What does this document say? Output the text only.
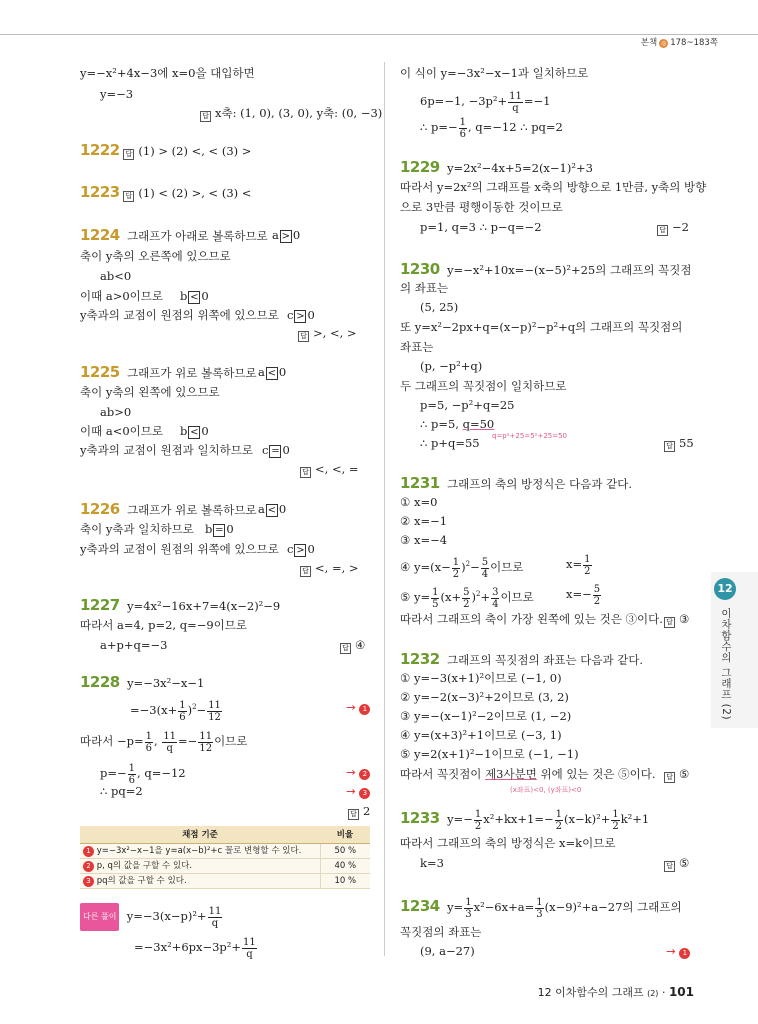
본책 ◎ 178~183쪽
y=−x²+4x−3에 x=0을 대입하면
y=−3
답 x축: (1, 0), (3, 0), y축: (0, −3)
1222 답 (1) > (2) <, < (3) >
1223 답 (1) < (2) >, < (3) <
1224 그래프가 아래로 볼록하므로 a > 0
축이 y축의 오른쪽에 있으므로
ab<0
이때 a>0이므로 b < 0
y축과의 교점이 원점의 위쪽에 있으므로 c > 0
답 >, <, >
1225 그래프가 위로 볼록하므로 a < 0
축이 y축의 왼쪽에 있으므로
ab>0
이때 a<0이므로 b < 0
y축과의 교점이 원점과 일치하므로 c = 0
답 <, <, =
1226 그래프가 위로 볼록하므로 a < 0
축이 y축과 일치하므로 b = 0
y축과의 교점이 원점의 위쪽에 있으므로 c > 0
답 <, =, >
1227 y=4x²−16x+7=4(x−2)²−9
따라서 a=4, p=2, q=−9이므로
a+p+q=−3	답 ④
1228 y=−3x²−x−1
$=-3(x+ \frac{1}{6} )^2- \frac{11}{12}$	→ 1
따라서 $-p= \frac{1}{6}$ , $\frac{11}{q} =- \frac{11}{12}$ 이므로
$p=- \frac{1}{6}$ , q=−12	→ 2
∴ pq=2	→ 3
답 2
채점 기준	비율
1 y=−3x²−x−1을 y=a(x−b)²+c 꼴로 변형할 수 있다.	50 %
2 p, q의 값을 구할 수 있다.	40 %
3 pq의 값을 구할 수 있다.	10 %
다른 풀이 $y=-3(x-p)^2+ \frac{11}{q}$
$=-3x^2+6px-3p^2+ \frac{11}{q}$
이 식이 y=−3x²−x−1과 일치하므로
6p=−1, $-3p^2+ \frac{11}{q} =-1$
∴ $p=- \frac{1}{6}$ , q=−12 ∴ pq=2
1229 y=2x²−4x+5=2(x−1)²+3
따라서 y=2x²의 그래프를 x축의 방향으로 1만큼, y축의 방향
으로 3만큼 평행이동한 것이므로
p=1, q=3 ∴ p−q=−2	답 −2
1230 y=−x²+10x=−(x−5)²+25의 그래프의 꼭짓점
의 좌표는
(5, 25)
또 y=x²−2px+q=(x−p)²−p²+q의 그래프의 꼭짓점의
좌표는
(p, −p²+q)
두 그래프의 꼭짓점이 일치하므로
p=5, −p²+q=25
∴ p=5, q=50
q=p²+25=5²+25=50
∴ p+q=55	답 55
1231 그래프의 축의 방정식은 다음과 같다.
① x=0
② x=−1
③ x=−4
④ $y=(x- \frac{1}{2} )^2- \frac{5}{4}$ 이므로	$x= \frac{1}{2}$
⑤ $y= \frac{1}{5} (x+ \frac{5}{2} )^2+ \frac{3}{4}$ 이므로	$x=- \frac{5}{2}$
따라서 그래프의 축이 가장 왼쪽에 있는 것은 ③이다. 답 ③
1232 그래프의 꼭짓점의 좌표는 다음과 같다.
① y=−3(x+1)²이므로 (−1, 0)
② y=−2(x−3)²+2이므로 (3, 2)
③ y=−(x−1)²−2이므로 (1, −2)
④ y=(x+3)²+1이므로 (−3, 1)
⑤ y=2(x+1)²−1이므로 (−1, −1)
따라서 꼭짓점이 제3사분면 위에 있는 것은 ⑤이다.	답 ⑤
(x좌표)<0, (y좌표)<0
1233 $y=- \frac{1}{2} x^2+kx+1=- \frac{1}{2} (x-k)^2+ \frac{1}{2} k^2+1$
따라서 그래프의 축의 방정식은 x=k이므로
k=3	답 ⑤
1234 $y= \frac{1}{3} x^2-6x+a= \frac{1}{3} (x-9)^2+a-27$의 그래프의
꼭짓점의 좌표는
(9, a−27)	→ 1
12
이차함수의 그래프 (2)
12 이차함수의 그래프 (2) · 101
